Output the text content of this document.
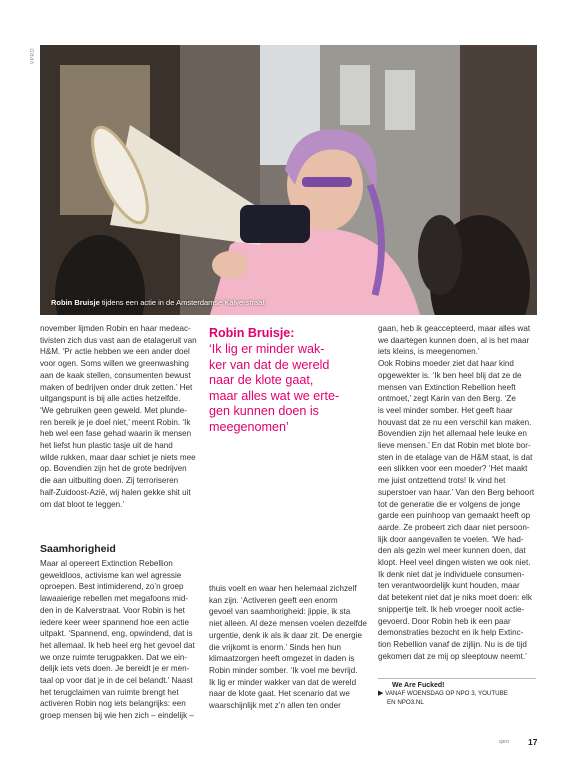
VPRO
Robin Bruisje tijdens een actie in de Amsterdamse Kalverstraat

november lijmden Robin en haar medeac-

tivisten zich dus vast aan de etalageruit van

H&M. ‘Pr actie hebben we een ander doel

voor ogen. Soms willen we greenwashing

aan de kaak stellen, consumenten bewust

maken of bedrijven onder druk zetten.’ Het

uitgangspunt is bij alle acties hetzelfde.

‘We gebruiken geen geweld. Met plunde-

ren bereik je je doel niet,’ meent Robin. ‘Ik

heb wel een fase gehad waarin ik mensen

het liefst hun plastic tasje uit de hand

wilde rukken, maar daar schiet je niets mee

op. Bovendien zijn het de grote bedrijven

die aan uitbuiting doen. Zij terroriseren

half-Zuidoost-Azië, wij halen gekke shit uit

om dat bloot te leggen.’

Saamhorigheid

Maar al opereert Extinction Rebellion

geweldloos, activisme kan wel agressie

oproepen. Best intimiderend, zo’n groep

lawaaierige rebellen met megafoons mid-

den in de Kalverstraat. Voor Robin is het

iedere keer weer spannend hoe een actie

uitpakt. ‘Spannend, eng, opwindend, dat is

het allemaal. Ik heb heel erg het gevoel dat

we onze ruimte terugpakken. Dat we ein-

delijk iets vets doen. Je bereidt je er men-

taal op voor dat je in de cel belandt.’ Naast

het terugclaimen van ruimte brengt het

activeren Robin nog iets belangrijks: een

groep mensen bij wie hen zich – eindelijk –

Robin Bruisje:
‘Ik lig er minder wak-
ker van dat de wereld
naar de klote gaat,
maar alles wat we erte-
gen kunnen doen is
meegenomen’

thuis voelt en waar hen helemaal zichzelf

kan zijn. ‘Activeren geeft een enorm

gevoel van saamhorigheid: jippie, ik sta

niet alleen. Al deze mensen voelen dezelfde

urgentie, denk ik als ik daar zit. De energie

die vrijkomt is enorm.’ Sinds hen hun

klimaatzorgen heeft omgezet in daden is

Robin minder somber. ‘Ik voel me bevrijd.

Ik lig er minder wakker van dat de wereld

naar de klote gaat. Het scenario dat we

waarschijnlijk met z’n allen ten onder

gaan, heb ik geaccepteerd, maar alles wat

we daartegen kunnen doen, al is het maar

iets kleins, is meegenomen.’

Ook Robins moeder ziet dat haar kind

opgewekter is. ‘Ik ben heel blij dat ze de

mensen van Extinction Rebellion heeft

ontmoet,’ zegt Karin van den Berg. ‘Ze

is veel minder somber. Het geeft haar

houvast dat ze nu een verschil kan maken.

Bovendien zijn het allemaal hele leuke en

lieve mensen.’ En dat Robin met blote bor-

sten in de etalage van de H&M staat, is dat

een slikken voor een moeder? ‘Het maakt

me juist ontzettend trots! Ik vind het

superstoer van haar.’ Van den Berg behoort

tot de generatie die er volgens de jonge

garde een puinhoop van gemaakt heeft op

aarde. Ze probeert zich daar niet persoon-

lijk door aangevallen te voelen. ‘We had-

den als gezin wel meer kunnen doen, dat

klopt. Heel veel dingen wisten we ook niet.

Ik denk niet dat je individuele consumen-

ten verantwoordelijk kunt houden, maar

dat betekent niet dat je niks moet doen: elk

snippertje telt. Ik heb vroeger nooit actie-

gevoerd. Door Robin heb ik een paar

demonstraties bezocht en ik help Extinc-

tion Rebellion vanaf de zijlijn. Nu is de tijd

gekomen dat ze mij op sleeptouw neemt.’

We Are Fucked!
▶ VANAF WOENSDAG OP NPO 3, YOUTUBE
EN NPO3.NL
vpro 17
